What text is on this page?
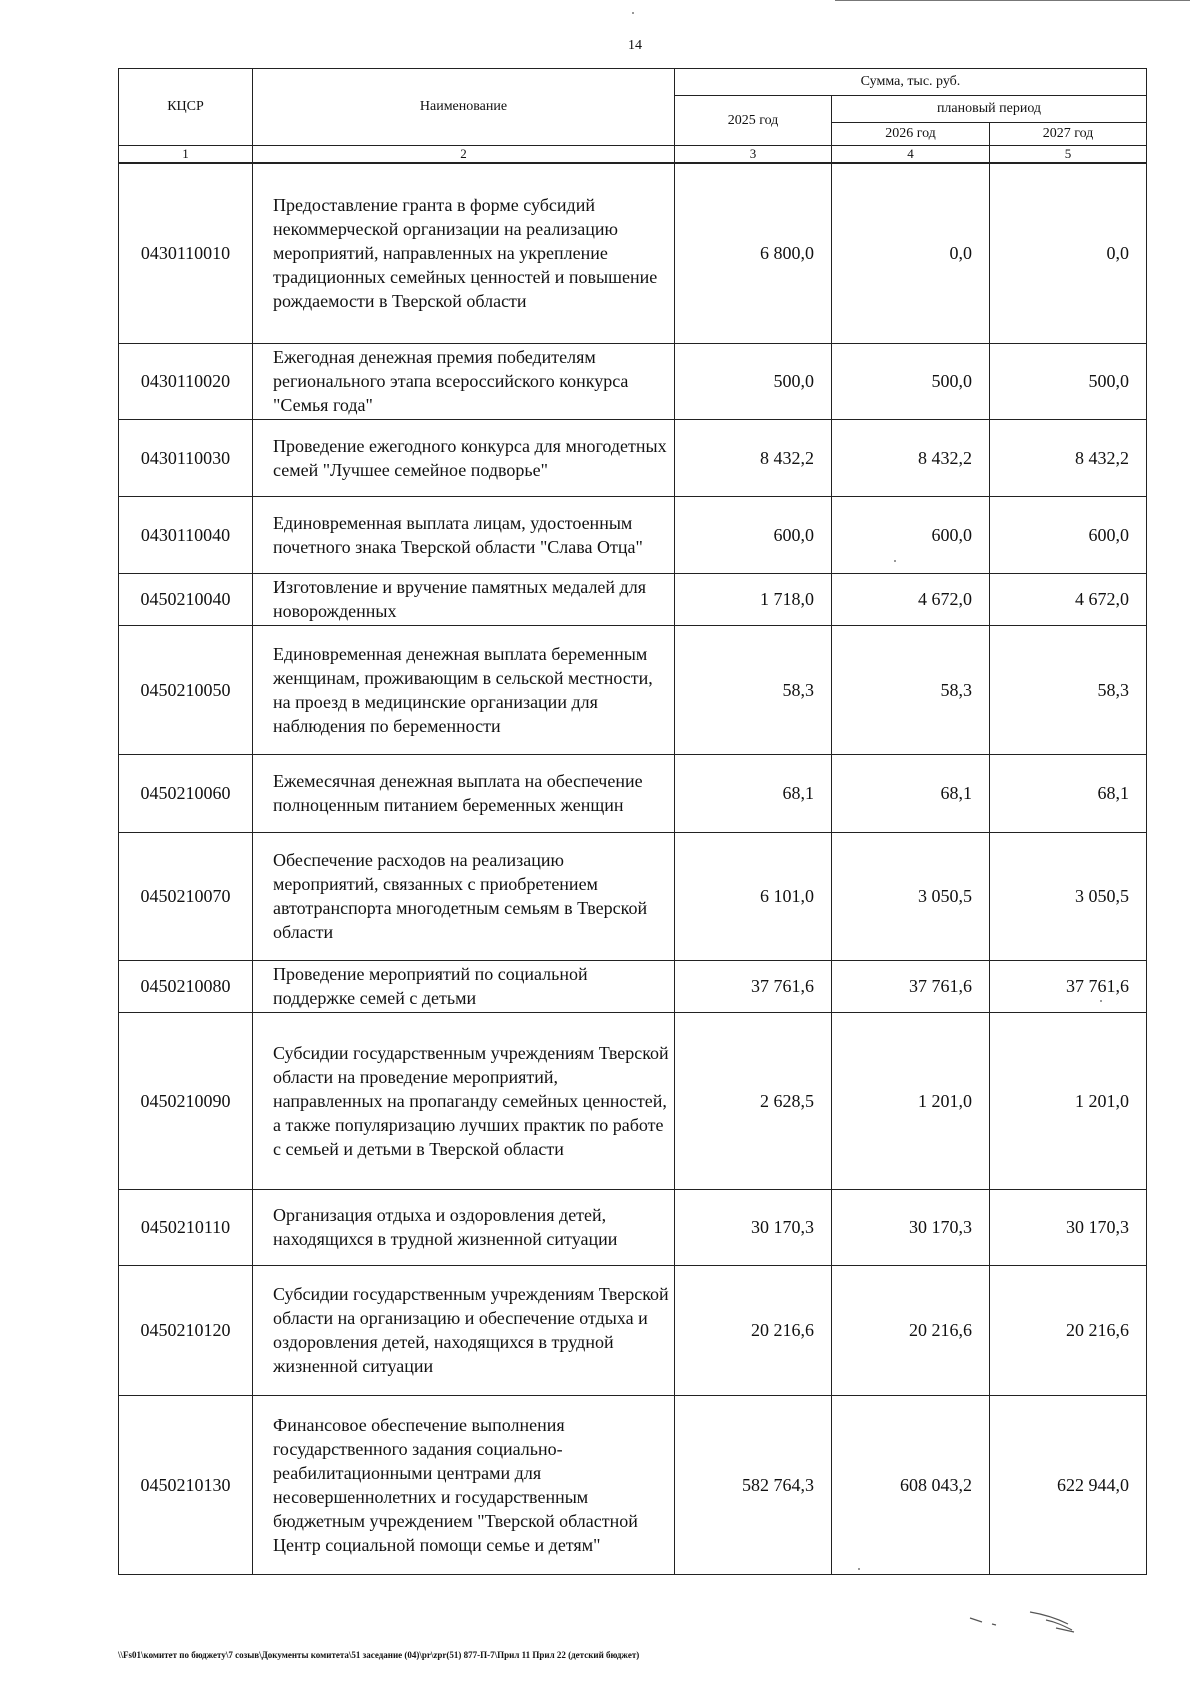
14
КЦСР	Наименование	Сумма, тыс. руб.		
		2025 год	плановый период	
			2026 год	2027 год
1	2	3	4	5
0430110010	Предоставление гранта в форме субсидий некоммерческой организации на реализацию мероприятий, направленных на укрепление традиционных семейных ценностей и повышение рождаемости в Тверской области	6 800,0	0,0	0,0
0430110020	Ежегодная денежная премия победителям регионального этапа всероссийского конкурса "Семья года"	500,0	500,0	500,0
0430110030	Проведение ежегодного конкурса для многодетных семей "Лучшее семейное подворье"	8 432,2	8 432,2	8 432,2
0430110040	Единовременная выплата лицам, удостоенным почетного знака Тверской области "Слава Отца"	600,0	600,0	600,0
0450210040	Изготовление и вручение памятных медалей для новорожденных	1 718,0	4 672,0	4 672,0
0450210050	Единовременная денежная выплата беременным женщинам, проживающим в сельской местности, на проезд в медицинские организации для наблюдения по беременности	58,3	58,3	58,3
0450210060	Ежемесячная денежная выплата на обеспечение полноценным питанием беременных женщин	68,1	68,1	68,1
0450210070	Обеспечение расходов на реализацию мероприятий, связанных с приобретением автотранспорта многодетным семьям в Тверской области	6 101,0	3 050,5	3 050,5
0450210080	Проведение мероприятий по социальной поддержке семей с детьми	37 761,6	37 761,6	37 761,6
0450210090	Субсидии государственным учреждениям Тверской области на проведение мероприятий, направленных на пропаганду семейных ценностей, а также популяризацию лучших практик по работе с семьей и детьми в Тверской области	2 628,5	1 201,0	1 201,0
0450210110	Организация отдыха и оздоровления детей, находящихся в трудной жизненной ситуации	30 170,3	30 170,3	30 170,3
0450210120	Субсидии государственным учреждениям Тверской области на организацию и обеспечение отдыха и оздоровления детей, находящихся в трудной жизненной ситуации	20 216,6	20 216,6	20 216,6
0450210130	Финансовое обеспечение выполнения государственного задания социально-реабилитационными центрами для несовершеннолетних и государственным бюджетным учреждением "Тверской областной Центр социальной помощи семье и детям"	582 764,3	608 043,2	622 944,0
\\Fs01\комитет по бюджету\7 созыв\Документы комитета\51 заседание (04)\pr\zpr(51) 877-П-7\Прил 11 Прил 22 (детский бюджет)
